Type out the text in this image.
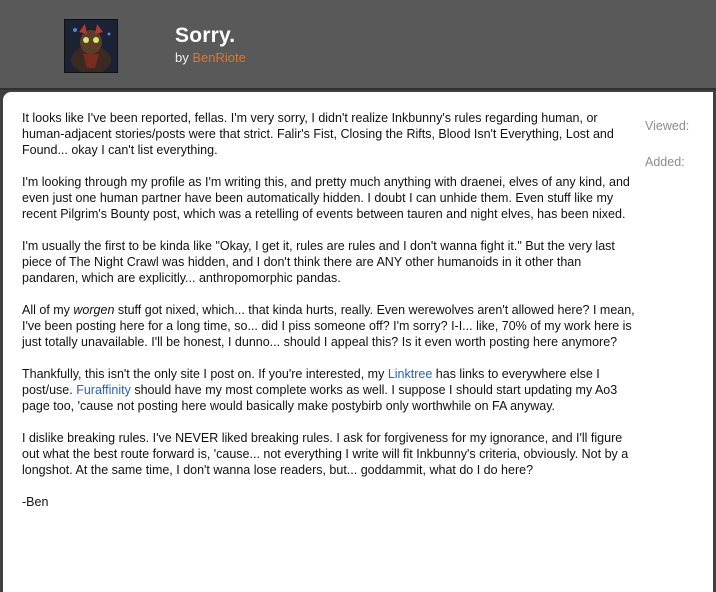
Sorry.
by BenRiote

It looks like I've been reported, fellas. I'm very sorry, I didn't realize Inkbunny's rules regarding human, or human-adjacent stories/posts were that strict. Falir's Fist, Closing the Rifts, Blood Isn't Everything, Lost and Found... okay I can't list everything.

I'm looking through my profile as I'm writing this, and pretty much anything with draenei, elves of any kind, and even just one human partner have been automatically hidden. I doubt I can unhide them. Even stuff like my recent Pilgrim's Bounty post, which was a retelling of events between tauren and night elves, has been nixed.

I'm usually the first to be kinda like "Okay, I get it, rules are rules and I don't wanna fight it." But the very last piece of The Night Crawl was hidden, and I don't think there are ANY other humanoids in it other than pandaren, which are explicitly... anthropomorphic pandas.

All of my worgen stuff got nixed, which... that kinda hurts, really. Even werewolves aren't allowed here? I mean, I've been posting here for a long time, so... did I piss someone off? I'm sorry? I-I... like, 70% of my work here is just totally unavailable. I'll be honest, I dunno... should I appeal this? Is it even worth posting here anymore?

Thankfully, this isn't the only site I post on. If you're interested, my Linktree has links to everywhere else I post/use. Furaffinity should have my most complete works as well. I suppose I should start updating my Ao3 page too, 'cause not posting here would basically make postybirb only worthwhile on FA anyway.

I dislike breaking rules. I've NEVER liked breaking rules. I ask for forgiveness for my ignorance, and I'll figure out what the best route forward is, 'cause... not everything I write will fit Inkbunny's criteria, obviously. Not by a longshot. At the same time, I don't wanna lose readers, but... goddammit, what do I do here?

-Ben

Viewed:
Added:
